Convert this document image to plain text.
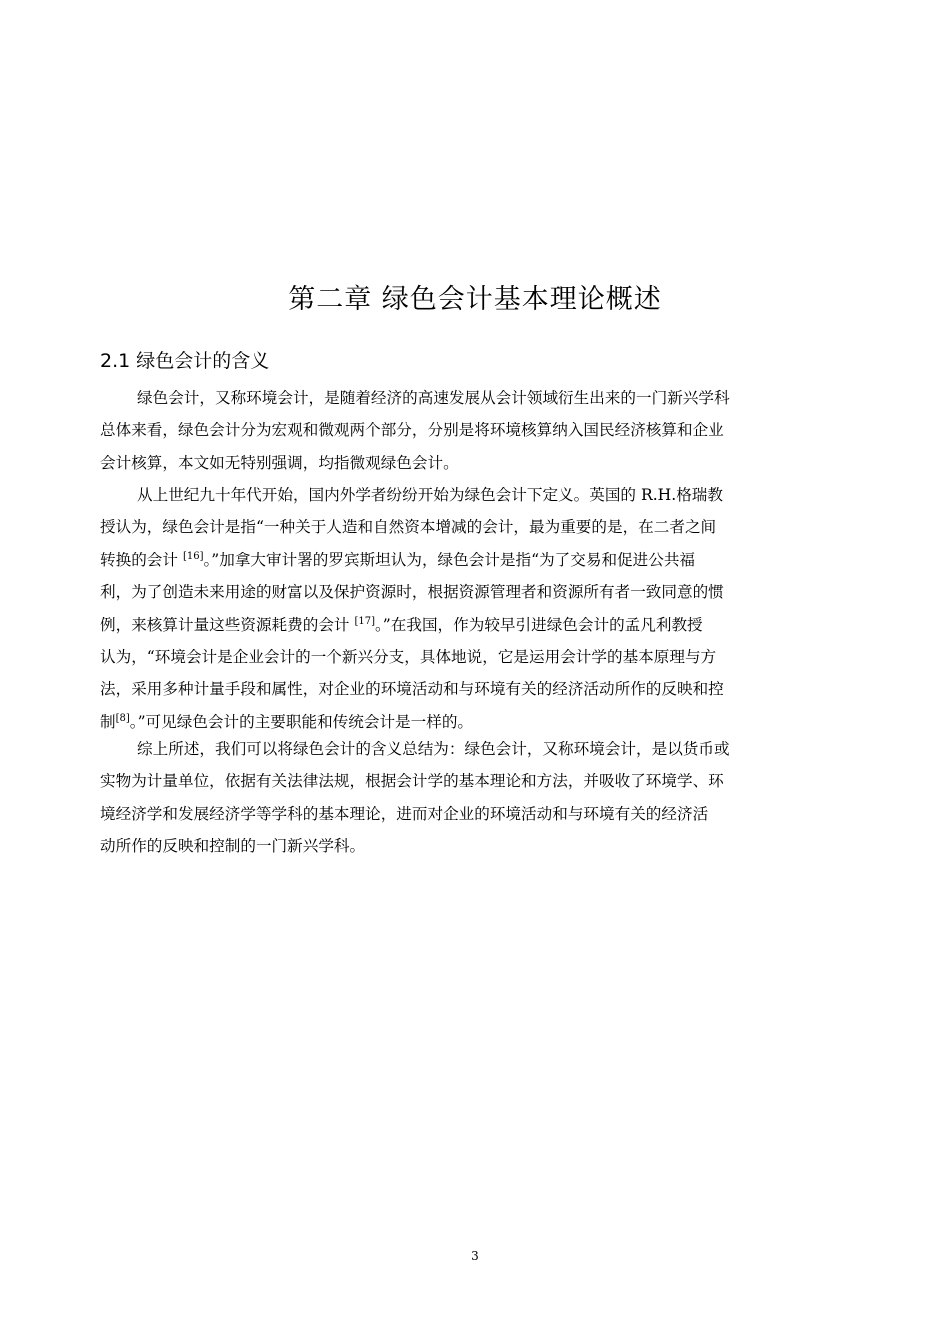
第二章 绿色会计基本理论概述
2.1 绿色会计的含义
绿色会计，又称环境会计，是随着经济的高速发展从会计领域衍生出来的一门新兴学科
总体来看，绿色会计分为宏观和微观两个部分，分别是将环境核算纳入国民经济核算和企业
会计核算，本文如无特别强调，均指微观绿色会计。
从上世纪九十年代开始，国内外学者纷纷开始为绿色会计下定义。英国的 R.H.格瑞教
授认为，绿色会计是指“一种关于人造和自然资本增减的会计，最为重要的是，在二者之间
转换的会计 [16]。”加拿大审计署的罗宾斯坦认为，绿色会计是指“为了交易和促进公共福
利，为了创造未来用途的财富以及保护资源时，根据资源管理者和资源所有者一致同意的惯
例，来核算计量这些资源耗费的会计 [17]。”在我国，作为较早引进绿色会计的孟凡利教授
认为，“环境会计是企业会计的一个新兴分支，具体地说，它是运用会计学的基本原理与方
法，采用多种计量手段和属性，对企业的环境活动和与环境有关的经济活动所作的反映和控
制[8]。”可见绿色会计的主要职能和传统会计是一样的。
综上所述，我们可以将绿色会计的含义总结为：绿色会计，又称环境会计，是以货币或
实物为计量单位，依据有关法律法规，根据会计学的基本理论和方法，并吸收了环境学、环
境经济学和发展经济学等学科的基本理论，进而对企业的环境活动和与环境有关的经济活
动所作的反映和控制的一门新兴学科。
3
